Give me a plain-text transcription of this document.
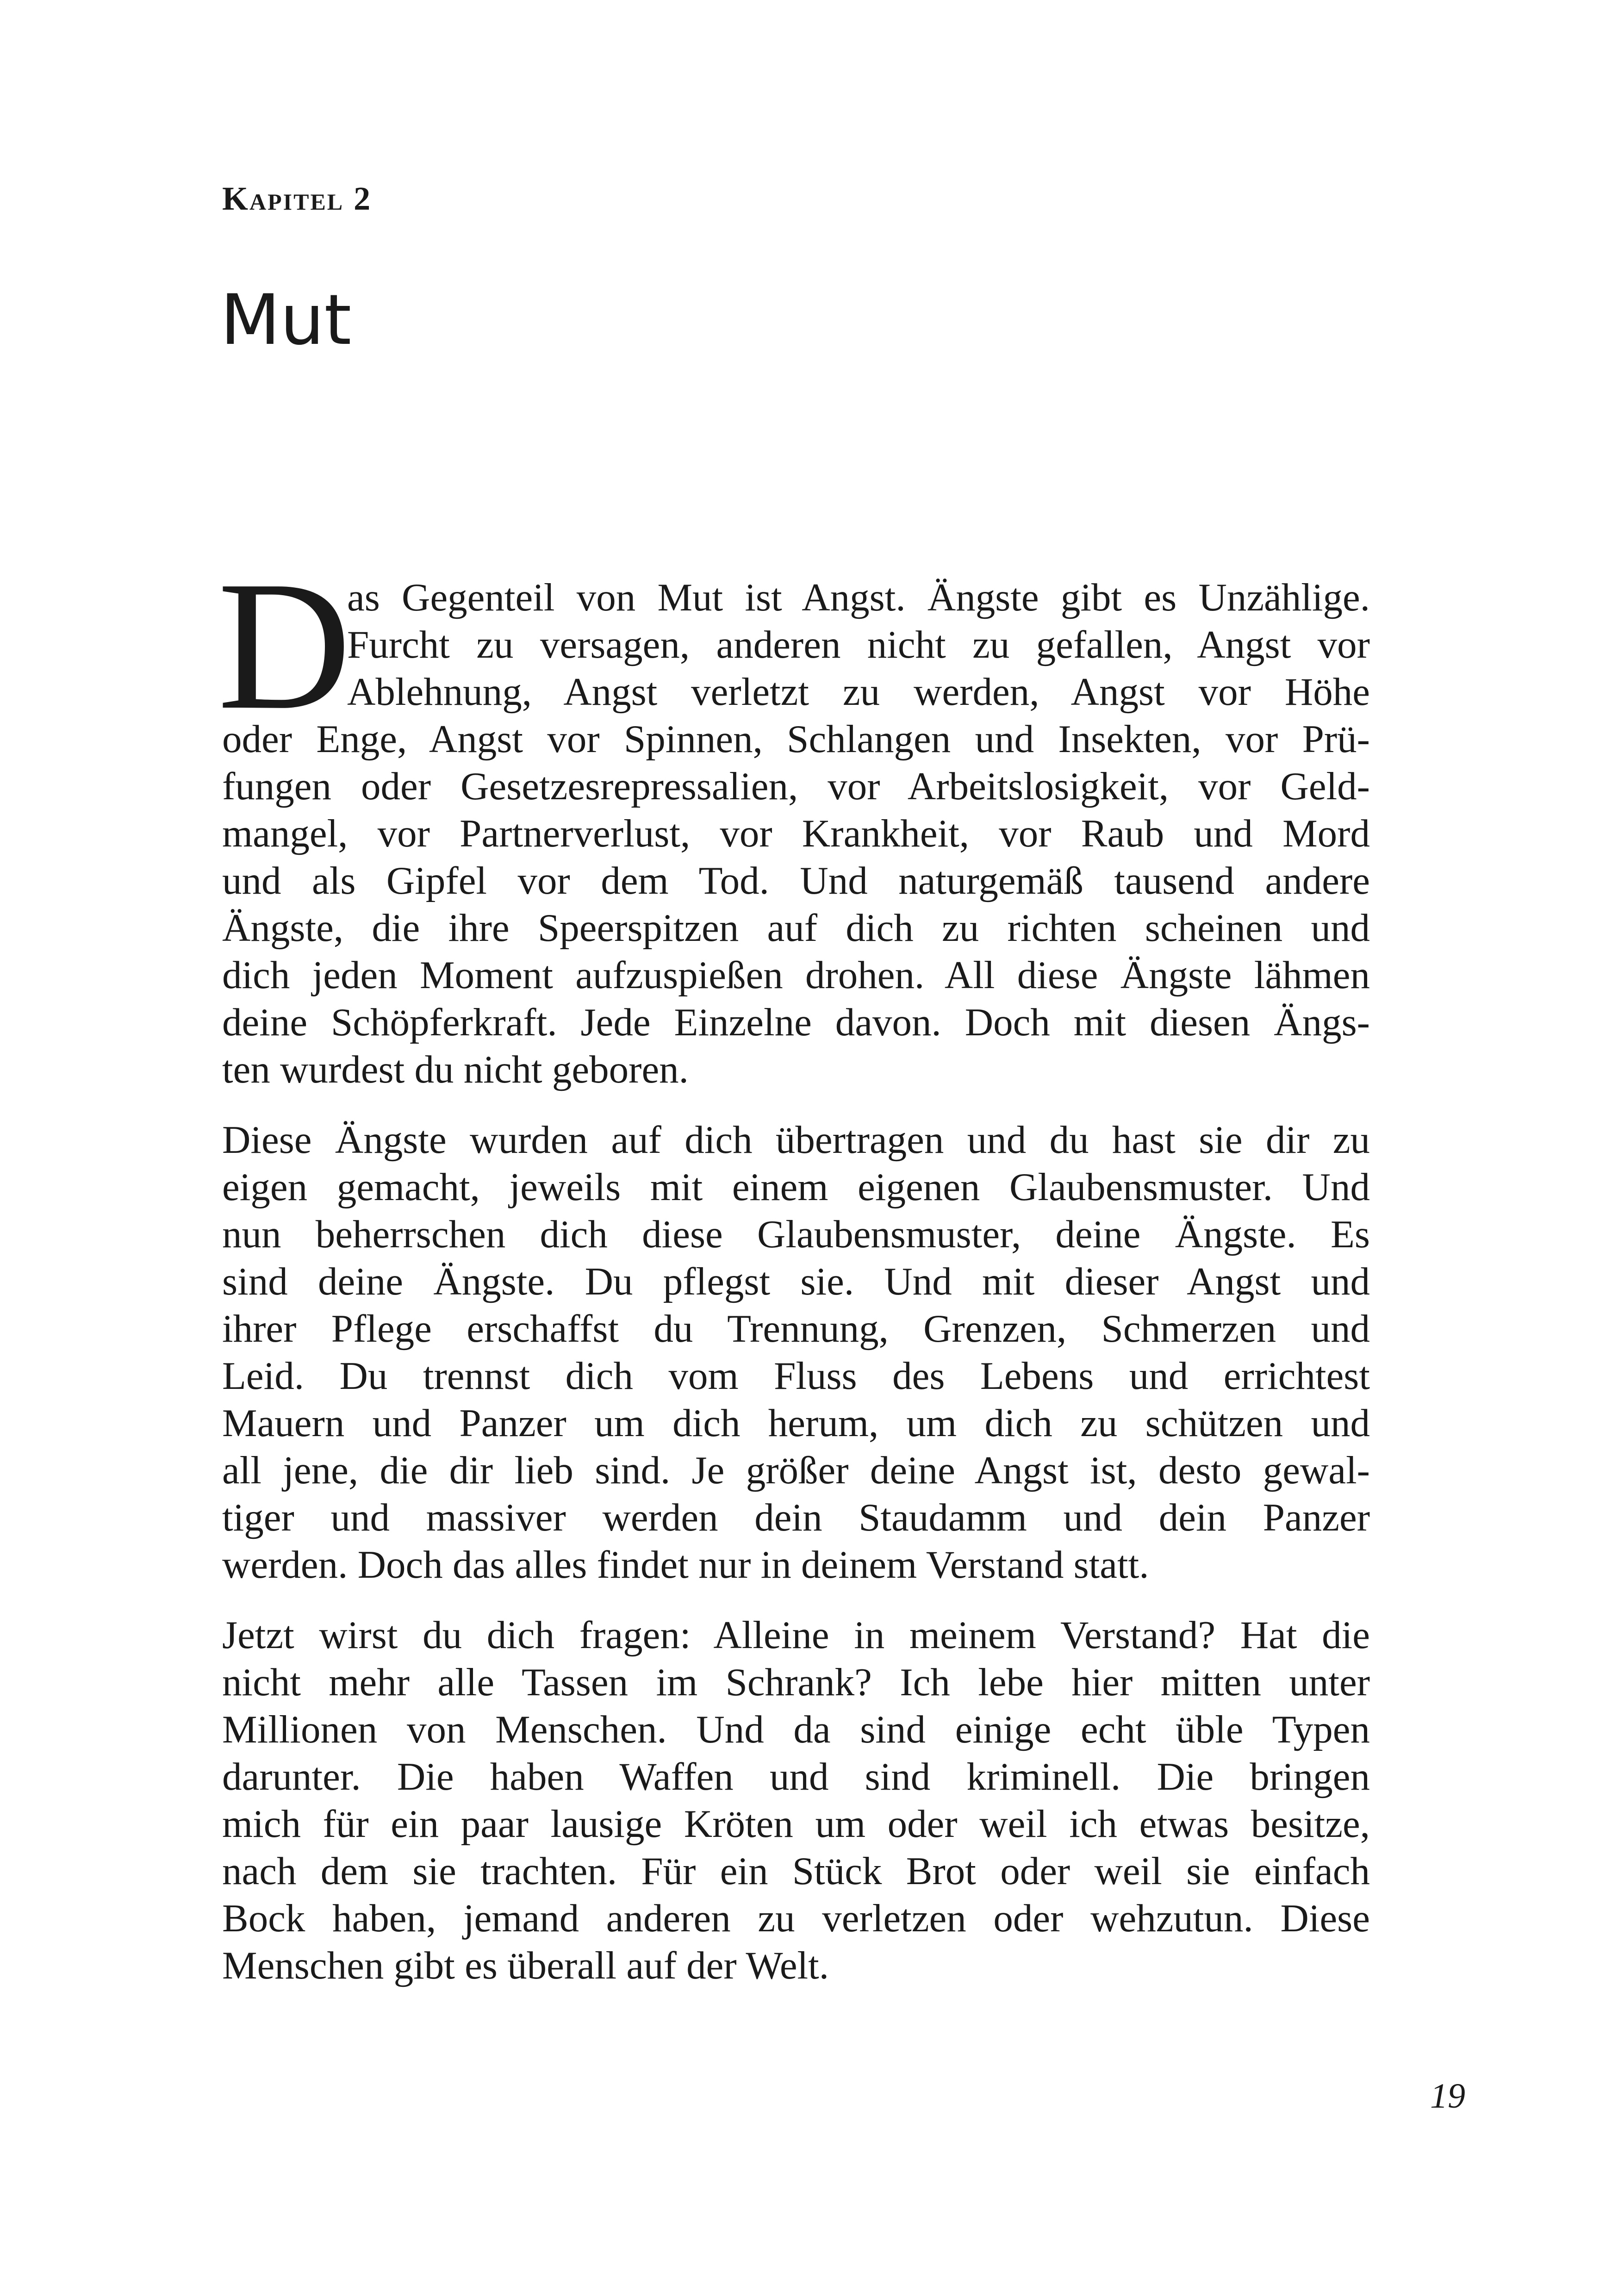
Kapitel 2
Mut
D

as Gegenteil von Mut ist Angst. Ängste gibt es Unzählige.
Furcht zu versagen, anderen nicht zu gefallen, Angst vor
Ablehnung, Angst verletzt zu werden, Angst vor Höhe
oder Enge, Angst vor Spinnen, Schlangen und Insekten, vor Prü-
fungen oder Gesetzesrepressalien, vor Arbeitslosigkeit, vor Geld-
mangel, vor Partnerverlust, vor Krankheit, vor Raub und Mord
und als Gipfel vor dem Tod. Und naturgemäß tausend andere
Ängste, die ihre Speerspitzen auf dich zu richten scheinen und
dich jeden Moment aufzuspießen drohen. All diese Ängste lähmen
deine Schöpferkraft. Jede Einzelne davon. Doch mit diesen Ängs-
ten wurdest du nicht geboren.

Diese Ängste wurden auf dich übertragen und du hast sie dir zu
eigen gemacht, jeweils mit einem eigenen Glaubensmuster. Und
nun beherrschen dich diese Glaubensmuster, deine Ängste. Es
sind deine Ängste. Du pflegst sie. Und mit dieser Angst und
ihrer Pflege erschaffst du Trennung, Grenzen, Schmerzen und
Leid. Du trennst dich vom Fluss des Lebens und errichtest
Mauern und Panzer um dich herum, um dich zu schützen und
all jene, die dir lieb sind. Je größer deine Angst ist, desto gewal-
tiger und massiver werden dein Staudamm und dein Panzer
werden. Doch das alles findet nur in deinem Verstand statt.

Jetzt wirst du dich fragen: Alleine in meinem Verstand? Hat die
nicht mehr alle Tassen im Schrank? Ich lebe hier mitten unter
Millionen von Menschen. Und da sind einige echt üble Typen
darunter. Die haben Waffen und sind kriminell. Die bringen
mich für ein paar lausige Kröten um oder weil ich etwas besitze,
nach dem sie trachten. Für ein Stück Brot oder weil sie einfach
Bock haben, jemand anderen zu verletzen oder wehzutun. Diese
Menschen gibt es überall auf der Welt.

19
